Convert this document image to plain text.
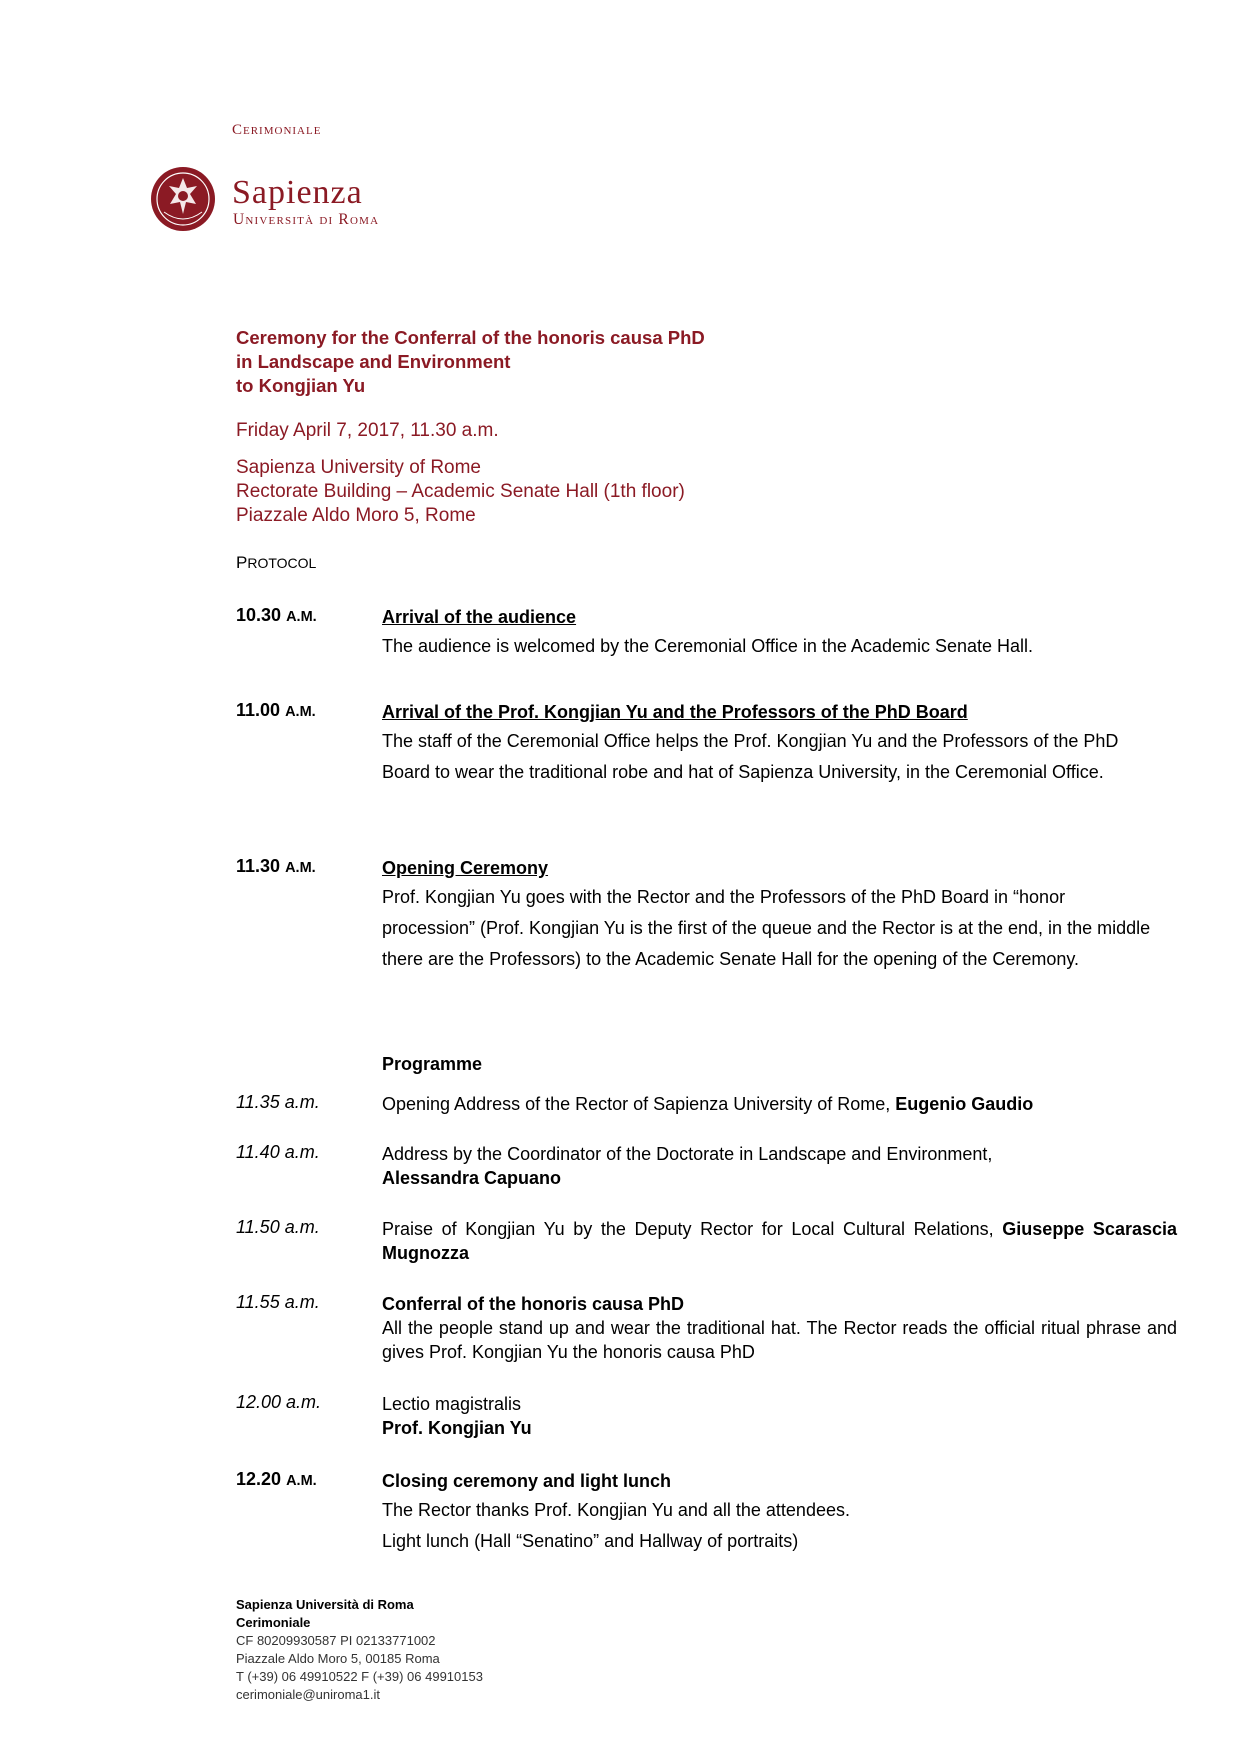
Cerimoniale
Sapienza
Università di Roma
Ceremony for the Conferral of the honoris causa PhD
in Landscape and Environment
to Kongjian Yu
Friday April 7, 2017, 11.30 a.m.
Sapienza University of Rome
Rectorate Building – Academic Senate Hall (1th floor)
Piazzale Aldo Moro 5, Rome
PROTOCOL
10.30 A.M.	Arrival of the audience
The audience is welcomed by the Ceremonial Office in the Academic Senate Hall.
11.00 A.M.	Arrival of the Prof. Kongjian Yu and the Professors of the PhD Board
The staff of the Ceremonial Office helps the Prof. Kongjian Yu and the Professors of the PhD Board to wear the traditional robe and hat of Sapienza University, in the Ceremonial Office.
11.30 A.M.	Opening Ceremony
Prof. Kongjian Yu goes with the Rector and the Professors of the PhD Board in “honor procession” (Prof. Kongjian Yu is the first of the queue and the Rector is at the end, in the middle there are the Professors) to the Academic Senate Hall for the opening of the Ceremony.
Programme
11.35 a.m.	Opening Address of the Rector of Sapienza University of Rome, Eugenio Gaudio
11.40 a.m.	Address by the Coordinator of the Doctorate in Landscape and Environment,
Alessandra Capuano
11.50 a.m.	Praise of Kongjian Yu by the Deputy Rector for Local Cultural Relations, Giuseppe Scarascia Mugnozza
11.55 a.m.	Conferral of the honoris causa PhD
All the people stand up and wear the traditional hat. The Rector reads the official ritual phrase and gives Prof. Kongjian Yu the honoris causa PhD
12.00 a.m.	Lectio magistralis
Prof. Kongjian Yu
12.20 A.M.	Closing ceremony and light lunch
The Rector thanks Prof. Kongjian Yu and all the attendees.
Light lunch (Hall “Senatino” and Hallway of portraits)
Sapienza Università di Roma
Cerimoniale
CF 80209930587 PI 02133771002
Piazzale Aldo Moro 5, 00185 Roma
T (+39) 06 49910522 F (+39) 06 49910153
cerimoniale@uniroma1.it
